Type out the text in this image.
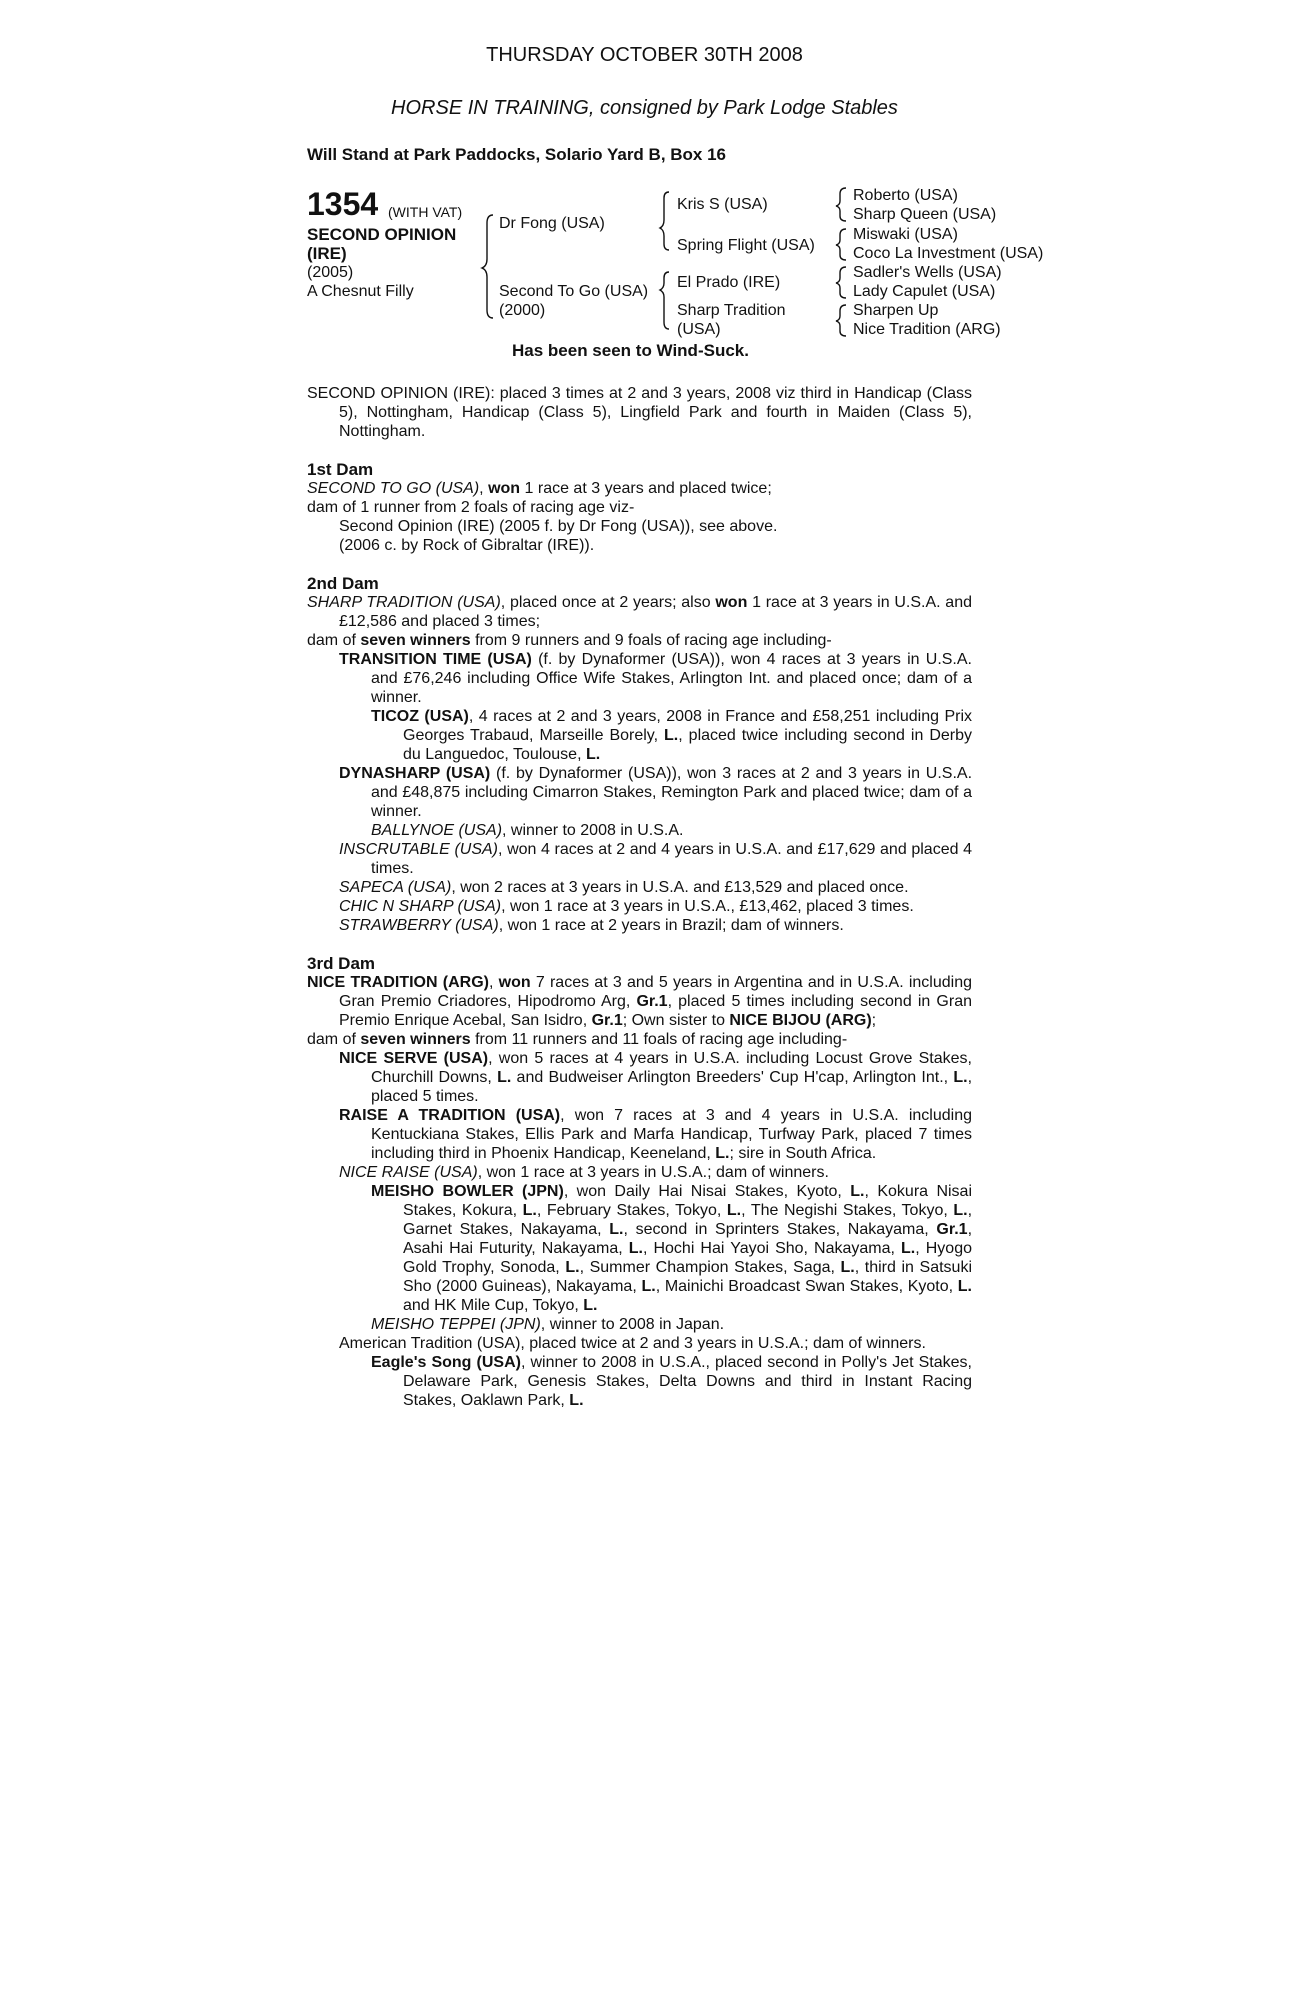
THURSDAY OCTOBER 30TH 2008
HORSE IN TRAINING, consigned by Park Lodge Stables
Will Stand at Park Paddocks, Solario Yard B, Box 16
1354 (WITH VAT)
SECOND OPINION
(IRE)
(2005)
A Chesnut Filly
Dr Fong (USA)
Second To Go (USA)
(2000)
Kris S (USA)
Spring Flight (USA)
El Prado (IRE)
Sharp Tradition
(USA)
Roberto (USA)
Sharp Queen (USA)
Miswaki (USA)
Coco La Investment (USA)
Sadler's Wells (USA)
Lady Capulet (USA)
Sharpen Up
Nice Tradition (ARG)
Has been seen to Wind-Suck.
SECOND OPINION (IRE): placed 3 times at 2 and 3 years, 2008 viz third in Handicap (Class 5), Nottingham, Handicap (Class 5), Lingfield Park and fourth in Maiden (Class 5), Nottingham.
1st Dam
SECOND TO GO (USA), won 1 race at 3 years and placed twice;
dam of 1 runner from 2 foals of racing age viz-
Second Opinion (IRE) (2005 f. by Dr Fong (USA)), see above.
(2006 c. by Rock of Gibraltar (IRE)).
2nd Dam
SHARP TRADITION (USA), placed once at 2 years; also won 1 race at 3 years in U.S.A. and £12,586 and placed 3 times;
dam of seven winners from 9 runners and 9 foals of racing age including-
TRANSITION TIME (USA) (f. by Dynaformer (USA)), won 4 races at 3 years in U.S.A. and £76,246 including Office Wife Stakes, Arlington Int. and placed once; dam of a winner.
TICOZ (USA), 4 races at 2 and 3 years, 2008 in France and £58,251 including Prix Georges Trabaud, Marseille Borely, L., placed twice including second in Derby du Languedoc, Toulouse, L.
DYNASHARP (USA) (f. by Dynaformer (USA)), won 3 races at 2 and 3 years in U.S.A. and £48,875 including Cimarron Stakes, Remington Park and placed twice; dam of a winner.
BALLYNOE (USA), winner to 2008 in U.S.A.
INSCRUTABLE (USA), won 4 races at 2 and 4 years in U.S.A. and £17,629 and placed 4 times.
SAPECA (USA), won 2 races at 3 years in U.S.A. and £13,529 and placed once.
CHIC N SHARP (USA), won 1 race at 3 years in U.S.A., £13,462, placed 3 times.
STRAWBERRY (USA), won 1 race at 2 years in Brazil; dam of winners.
3rd Dam
NICE TRADITION (ARG), won 7 races at 3 and 5 years in Argentina and in U.S.A. including Gran Premio Criadores, Hipodromo Arg, Gr.1, placed 5 times including second in Gran Premio Enrique Acebal, San Isidro, Gr.1; Own sister to NICE BIJOU (ARG);
dam of seven winners from 11 runners and 11 foals of racing age including-
NICE SERVE (USA), won 5 races at 4 years in U.S.A. including Locust Grove Stakes, Churchill Downs, L. and Budweiser Arlington Breeders' Cup H'cap, Arlington Int., L., placed 5 times.
RAISE A TRADITION (USA), won 7 races at 3 and 4 years in U.S.A. including Kentuckiana Stakes, Ellis Park and Marfa Handicap, Turfway Park, placed 7 times including third in Phoenix Handicap, Keeneland, L.; sire in South Africa.
NICE RAISE (USA), won 1 race at 3 years in U.S.A.; dam of winners.
MEISHO BOWLER (JPN), won Daily Hai Nisai Stakes, Kyoto, L., Kokura Nisai Stakes, Kokura, L., February Stakes, Tokyo, L., The Negishi Stakes, Tokyo, L., Garnet Stakes, Nakayama, L., second in Sprinters Stakes, Nakayama, Gr.1, Asahi Hai Futurity, Nakayama, L., Hochi Hai Yayoi Sho, Nakayama, L., Hyogo Gold Trophy, Sonoda, L., Summer Champion Stakes, Saga, L., third in Satsuki Sho (2000 Guineas), Nakayama, L., Mainichi Broadcast Swan Stakes, Kyoto, L. and HK Mile Cup, Tokyo, L.
MEISHO TEPPEI (JPN), winner to 2008 in Japan.
American Tradition (USA), placed twice at 2 and 3 years in U.S.A.; dam of winners.
Eagle's Song (USA), winner to 2008 in U.S.A., placed second in Polly's Jet Stakes, Delaware Park, Genesis Stakes, Delta Downs and third in Instant Racing Stakes, Oaklawn Park, L.
